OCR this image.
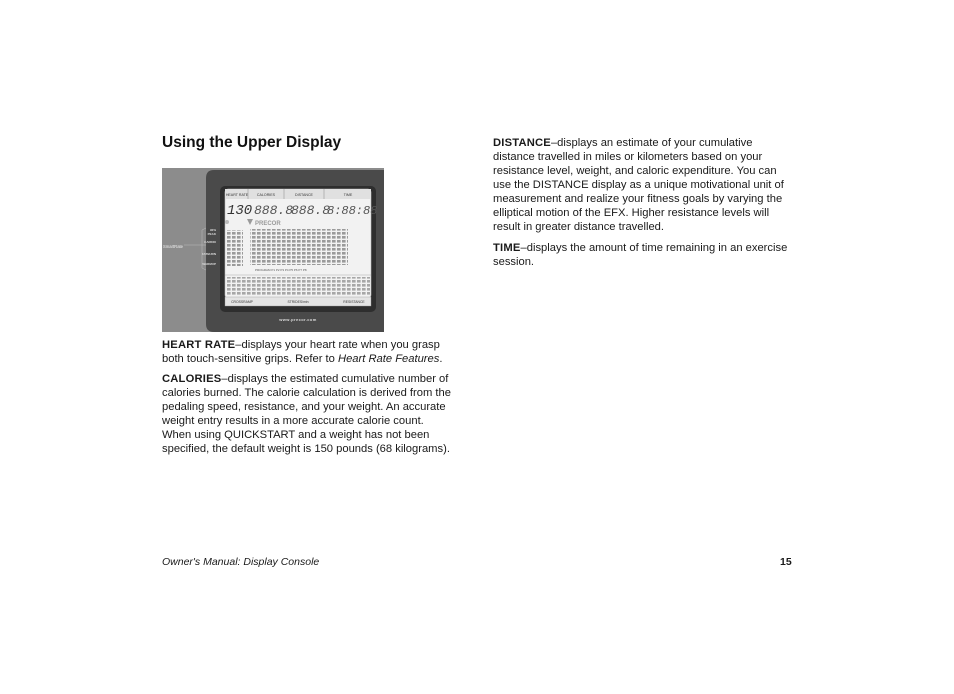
Using the Upper Display
HEART RATE CALORIES	DISTANCE	TIME
130 888.8
888.8
8:88:88
PRECOR
PROGRAM P1 P2 P3 P4 P5 P6 P7 P8
CROSSRAMP	STRIDES/min	RESISTANCE
www.precor.com
SmartRate
90%
PEAK
CARDIO
FATBURN
WARMUP
HEART RATE–displays your heart rate when you grasp
both touch-sensitive grips. Refer to Heart Rate Features.
CALORIES–displays the estimated cumulative number of
calories burned. The calorie calculation is derived from the
pedaling speed, resistance, and your weight. An accurate
weight entry results in a more accurate calorie count.
When using QUICKSTART and a weight has not been
specified, the default weight is 150 pounds (68 kilograms).
DISTANCE–displays an estimate of your cumulative
distance travelled in miles or kilometers based on your
resistance level, weight, and caloric expenditure. You can
use the DISTANCE display as a unique motivational unit of
measurement and realize your fitness goals by varying the
elliptical motion of the EFX. Higher resistance levels will
result in greater distance travelled.
TIME–displays the amount of time remaining in an exercise
session.
Owner's Manual: Display Console	15
